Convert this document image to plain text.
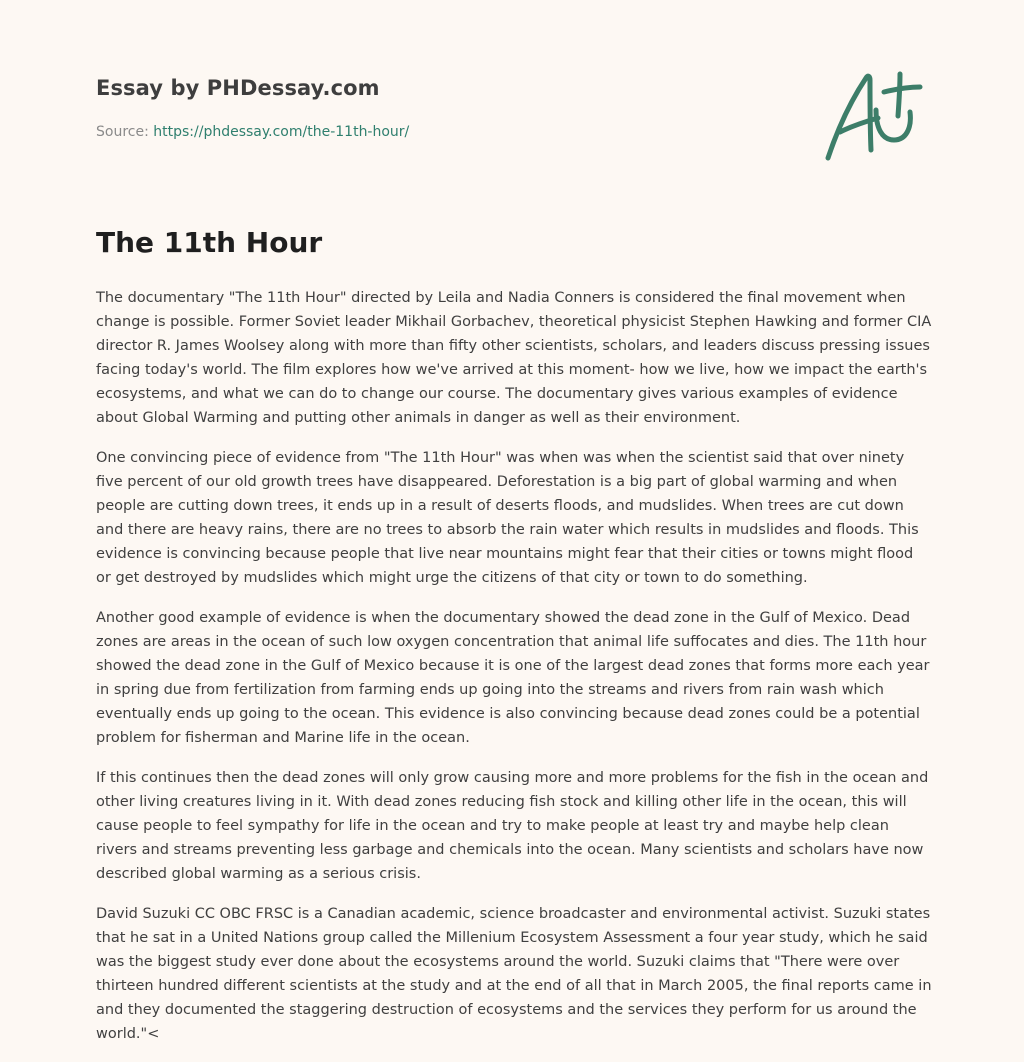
Essay by PHDessay.com
Source: https://phdessay.com/the-11th-hour/
The 11th Hour

The documentary "The 11th Hour" directed by Leila and Nadia Conners is considered the final movement when change is possible. Former Soviet leader Mikhail Gorbachev, theoretical physicist Stephen Hawking and former CIA director R. James Woolsey along with more than fifty other scientists, scholars, and leaders discuss pressing issues facing today's world. The film explores how we've arrived at this moment- how we live, how we impact the earth's ecosystems, and what we can do to change our course. The documentary gives various examples of evidence about Global Warming and putting other animals in danger as well as their environment.

One convincing piece of evidence from "The 11th Hour" was when was when the scientist said that over ninety five percent of our old growth trees have disappeared. Deforestation is a big part of global warming and when people are cutting down trees, it ends up in a result of deserts floods, and mudslides. When trees are cut down and there are heavy rains, there are no trees to absorb the rain water which results in mudslides and floods. This evidence is convincing because people that live near mountains might fear that their cities or towns might flood or get destroyed by mudslides which might urge the citizens of that city or town to do something.

Another good example of evidence is when the documentary showed the dead zone in the Gulf of Mexico. Dead zones are areas in the ocean of such low oxygen concentration that animal life suffocates and dies. The 11th hour showed the dead zone in the Gulf of Mexico because it is one of the largest dead zones that forms more each year in spring due from fertilization from farming ends up going into the streams and rivers from rain wash which eventually ends up going to the ocean. This evidence is also convincing because dead zones could be a potential problem for fisherman and Marine life in the ocean.

If this continues then the dead zones will only grow causing more and more problems for the fish in the ocean and other living creatures living in it. With dead zones reducing fish stock and killing other life in the ocean, this will cause people to feel sympathy for life in the ocean and try to make people at least try and maybe help clean rivers and streams preventing less garbage and chemicals into the ocean. Many scientists and scholars have now described global warming as a serious crisis.

David Suzuki CC OBC FRSC is a Canadian academic, science broadcaster and environmental activist. Suzuki states that he sat in a United Nations group called the Millenium Ecosystem Assessment a four year study, which he said was the biggest study ever done about the ecosystems around the world. Suzuki claims that "There were over thirteen hundred different scientists at the study and at the end of all that in March 2005, the final reports came in and they documented the staggering destruction of ecosystems and the services they perform for us around the world."<
